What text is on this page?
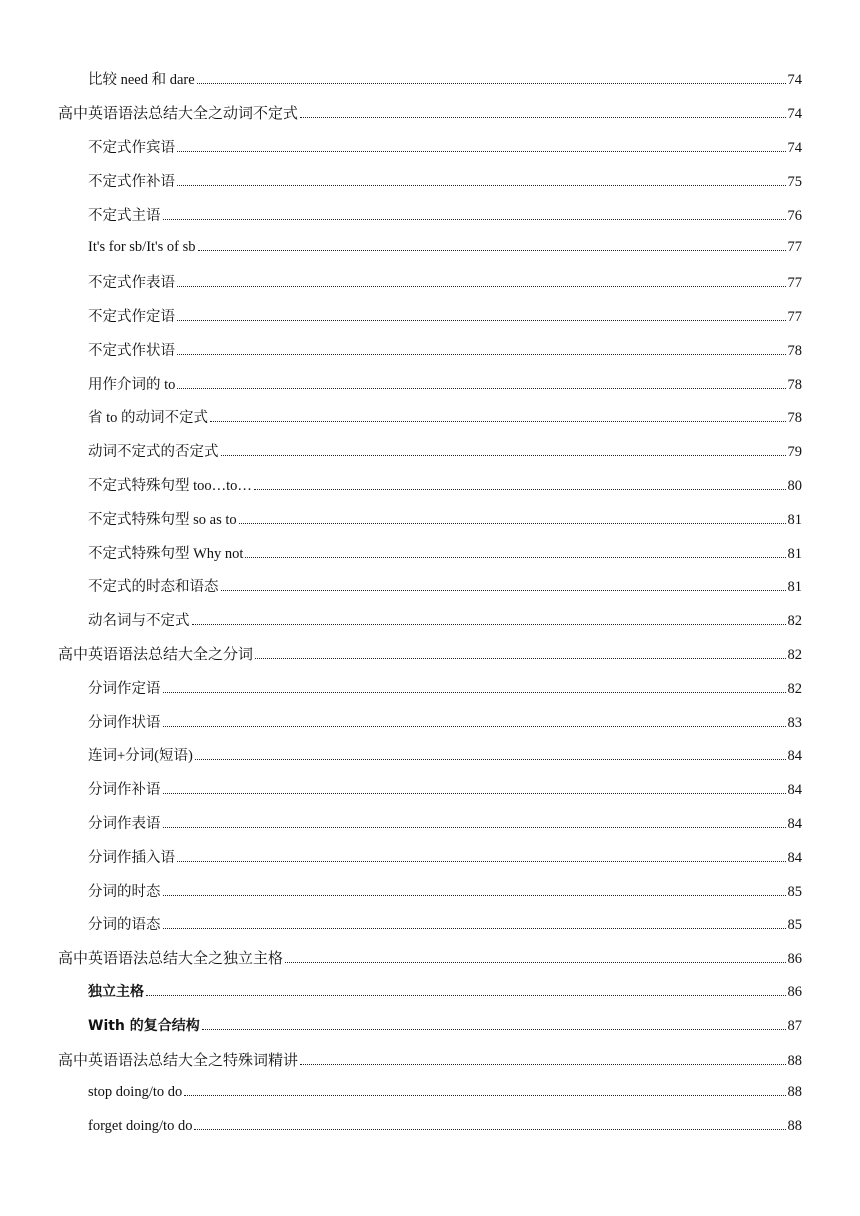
比较 need 和 dare	74
高中英语语法总结大全之动词不定式	74
不定式作宾语	74
不定式作补语	75
不定式主语	76
It's for sb/It's of sb	77
不定式作表语	77
不定式作定语	77
不定式作状语	78
用作介词的 to	78
省 to 的动词不定式	78
动词不定式的否定式	79
不定式特殊句型 too…to…	80
不定式特殊句型 so as to	81
不定式特殊句型 Why not	81
不定式的时态和语态	81
动名词与不定式	82
高中英语语法总结大全之分词	82
分词作定语	82
分词作状语	83
连词+分词(短语)	84
分词作补语	84
分词作表语	84
分词作插入语	84
分词的时态	85
分词的语态	85
高中英语语法总结大全之独立主格	86
独立主格	86
With 的复合结构	87
高中英语语法总结大全之特殊词精讲	88
stop doing/to do	88
forget doing/to do	88
